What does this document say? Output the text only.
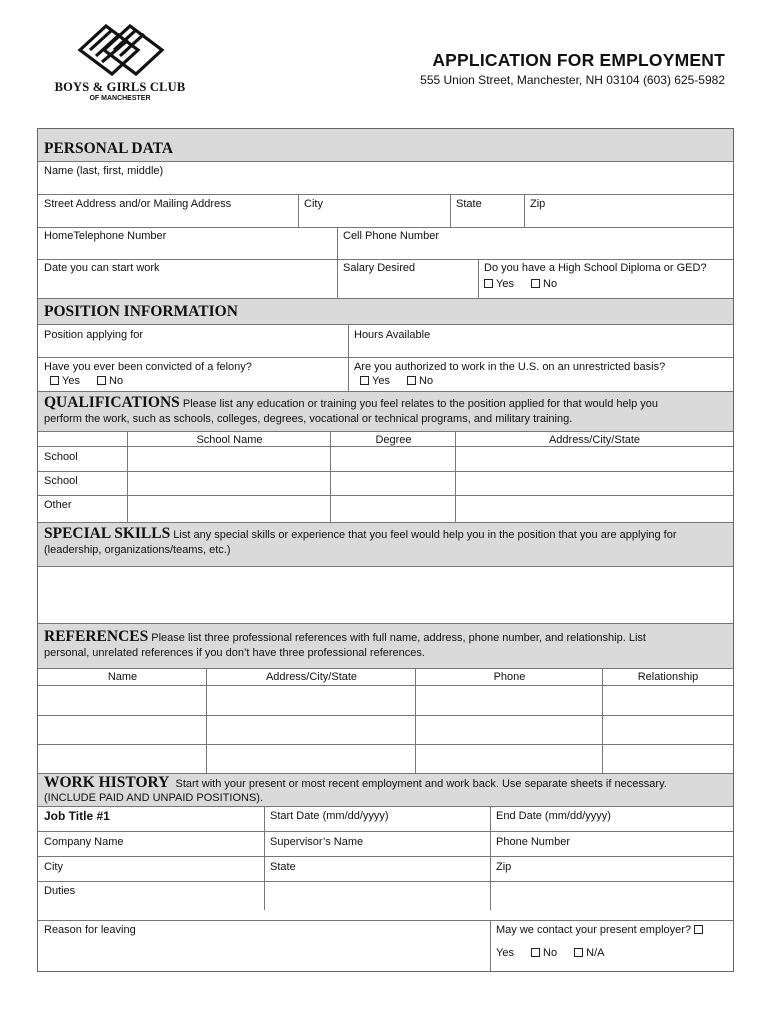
BOYS & GIRLS CLUB
OF MANCHESTER
APPLICATION FOR EMPLOYMENT
555 Union Street, Manchester, NH 03104 (603) 625-5982
PERSONAL DATA
Name (last, first, middle)
Street Address and/or Mailing Address	City	State	Zip
HomeTelephone Number	Cell Phone Number
Date you can start work	Salary Desired	Do you have a High School Diploma or GED?
Yes	No
POSITION INFORMATION
Position applying for	Hours Available
Have you ever been convicted of a felony?
Yes	No
Are you authorized to work in the U.S. on an unrestricted basis?
Yes	No
QUALIFICATIONS Please list any education or training you feel relates to the position applied for that would help you
perform the work, such as schools, colleges, degrees, vocational or technical programs, and military training.
School Name	Degree	Address/City/State
School
School
Other
SPECIAL SKILLS List any special skills or experience that you feel would help you in the position that you are applying for
(leadership, organizations/teams, etc.)
REFERENCES Please list three professional references with full name, address, phone number, and relationship. List
personal, unrelated references if you don’t have three professional references.
Name	Address/City/State	Phone	Relationship
WORK HISTORY Start with your present or most recent employment and work back. Use separate sheets if necessary.
(INCLUDE PAID AND UNPAID POSITIONS).
Job Title #1	Start Date (mm/dd/yyyy)	End Date (mm/dd/yyyy)
Company Name	Supervisor’s Name	Phone Number
City	State	Zip
Duties
Reason for leaving	May we contact your present employer?
Yes	No	N/A
